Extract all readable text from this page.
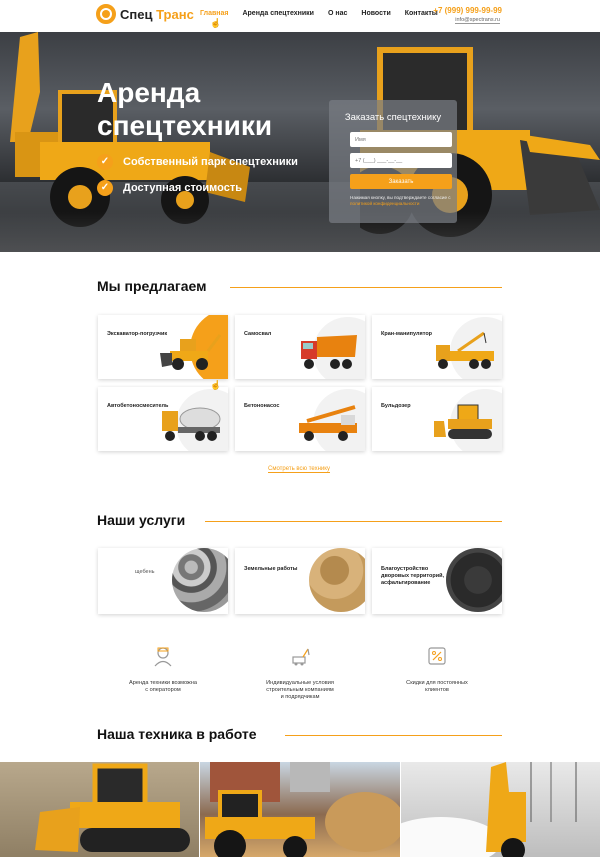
Спец Транс Главная Аренда спецтехники О нас Новости Контакты
☝
+7 (999) 999-99-99
info@spectrans.ru
Аренда
спецтехники
✓	Собственный парк спецтехники
✓	Доступная стоимость
Заказать спецтехнику
Имя
+7 (___) ___-__-__
Заказать
Нажимая кнопку, вы подтверждаете согласие с политикой конфиденциальности
Мы предлагаем
Экскаватор-погрузчик	Самосвал	Кран-манипулятор
Автобетоносмеситель	Бетононасос	Бульдозер
☝
Смотреть всю технику
Наши услуги
щебень	Земельные работы	Благоустройство дворовых территорий, асфальтирование
Аренда техники возможна
с оператором
Индивидуальные условия
строительным компаниям
и подрядчикам
Скидки для постоянных
клиентов
Наша техника в работе
